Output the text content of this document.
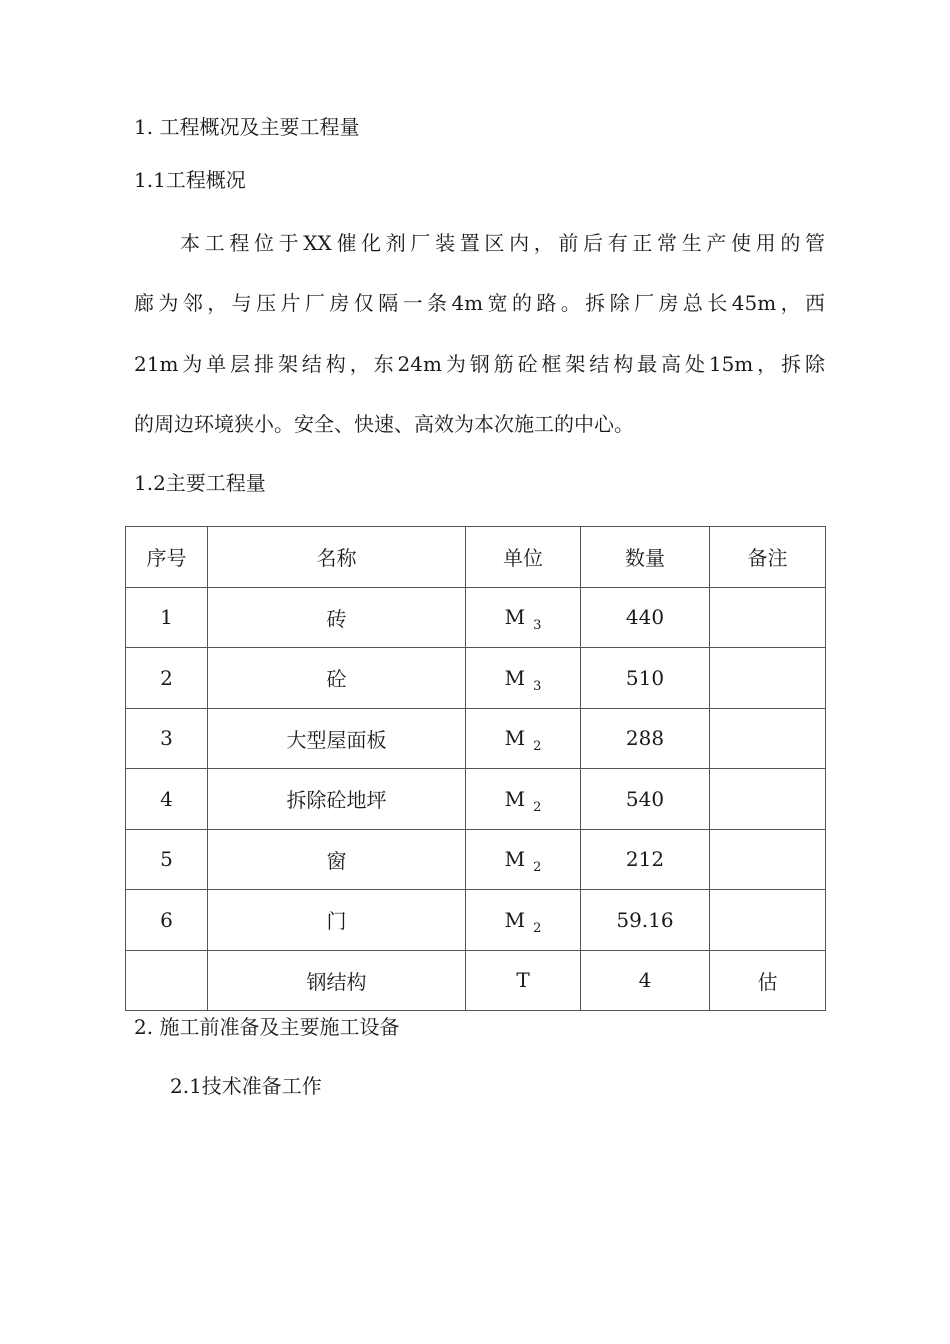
1. 工程概况及主要工程量
1.1工程概况
本工程位于XX催化剂厂装置区内，前后有正常生产使用的管
廊为邻，与压片厂房仅隔一条4m宽的路。拆除厂房总长45m，西
21m为单层排架结构，东24m为钢筋砼框架结构最高处15m，拆除
的周边环境狭小。安全、快速、高效为本次施工的中心。
1.2主要工程量
序号	名称	单位	数量	备注
1	砖	M $_3$	440	
2	砼	M $_3$	510	
3	大型屋面板	M $_2$	288	
4	拆除砼地坪	M $_2$	540	
5	窗	M $_2$	212	
6	门	M $_2$	59.16	
	钢结构	T	4	估
2. 施工前准备及主要施工设备
2.1技术准备工作
